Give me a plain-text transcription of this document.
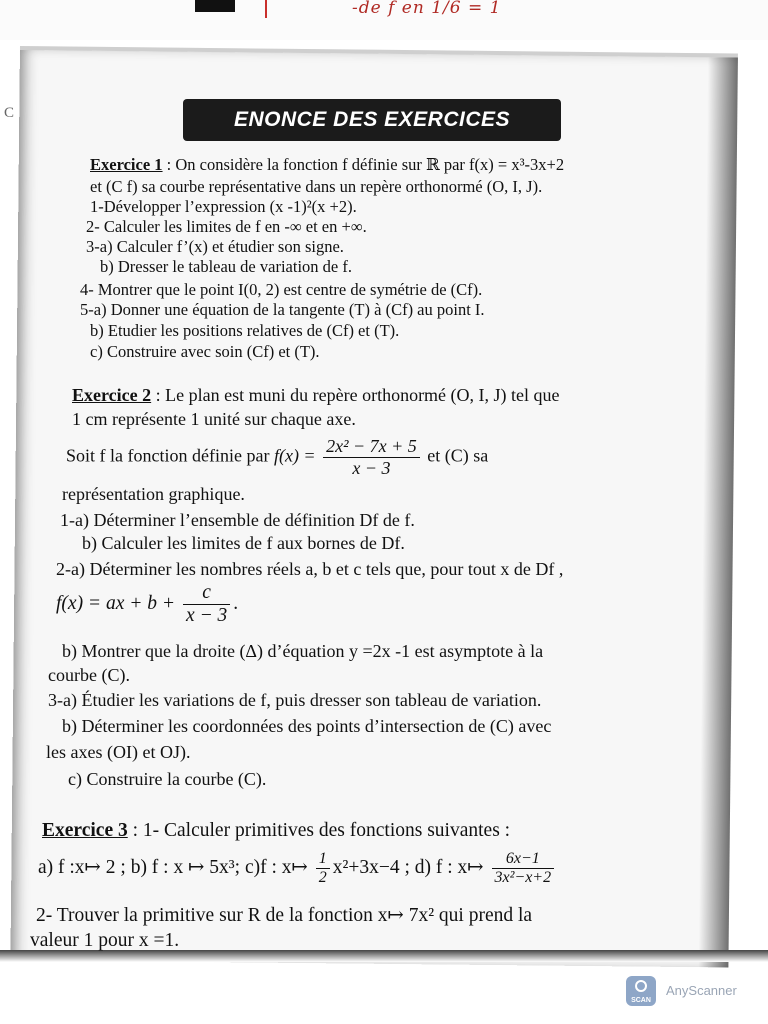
-de f en 1/6 = 1
C	ENONCE DES EXERCICES
Exercice 1 : On considère la fonction f définie sur ℝ par f(x) = x³-3x+2
et (C f) sa courbe représentative dans un repère orthonormé (O, I, J).
1-Développer l’expression (x -1)²(x +2).
2- Calculer les limites de f en -∞ et en +∞.
3-a) Calculer f’(x) et étudier son signe.
b) Dresser le tableau de variation de f.
4- Montrer que le point I(0, 2) est centre de symétrie de (Cf).
5-a) Donner une équation de la tangente (T) à (Cf) au point I.
b) Etudier les positions relatives de (Cf) et (T).
c) Construire avec soin (Cf) et (T).
Exercice 2 : Le plan est muni du repère orthonormé (O, I, J) tel que
1 cm représente 1 unité sur chaque axe.
Soit f la fonction définie par $f(x) = \frac{\text{2x² − 7x + 5}}{x - 3}$ et (C) sa
représentation graphique.
1-a) Déterminer l’ensemble de définition Df de f.
b) Calculer les limites de f aux bornes de Df.
2-a) Déterminer les nombres réels a, b et c tels que, pour tout x de Df ,
f(x) = ax + $b + \frac{c}{x - 3}$ .
b) Montrer que la droite (Δ) d’équation y =2x -1 est asymptote à la
courbe (C).
3-a) Étudier les variations de f, puis dresser son tableau de variation.
b) Déterminer les coordonnées des points d’intersection de (C) avec
les axes (OI) et OJ).
c) Construire la courbe (C).
Exercice 3 : 1- Calculer primitives des fonctions suivantes :
a) f :x↦ 2 ; b) f : x ↦ 5x³; c)f : x↦ $\frac{1}{2} x^2+3x-4$ ; d) f : x↦ $\frac{6x-1}{\text{3x²−x+2}}$
2- Trouver la primitive sur R de la fonction x↦ 7x² qui prend la
valeur 1 pour x =1.
SCAN
AnyScanner
